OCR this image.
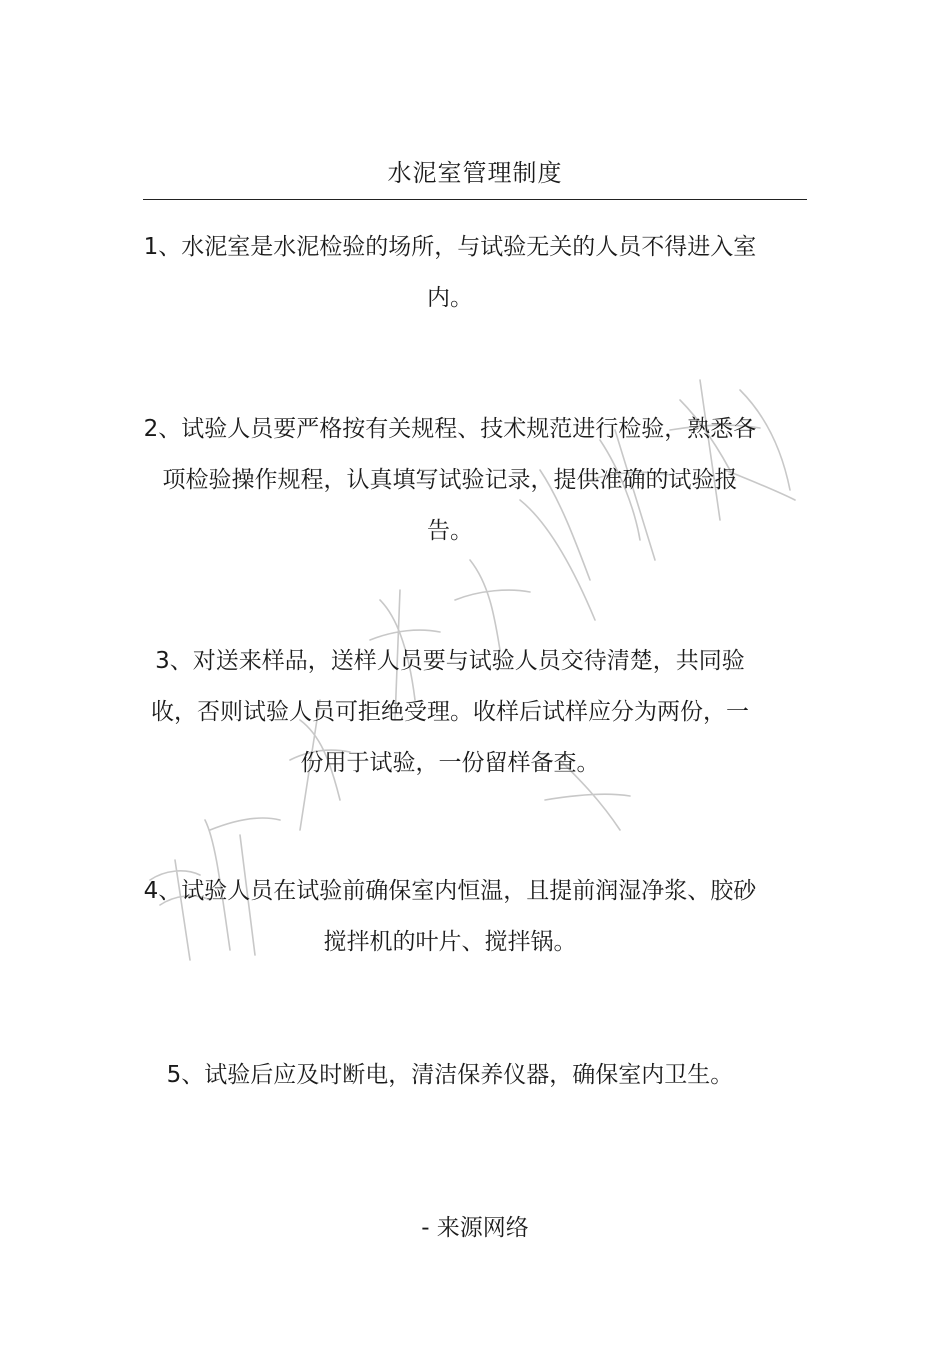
水泥室管理制度

1、水泥室是水泥检验的场所，与试验无关的人员不得进入室内。

2、试验人员要严格按有关规程、技术规范进行检验，熟悉各项检验操作规程，认真填写试验记录，提供准确的试验报告。

3、对送来样品，送样人员要与试验人员交待清楚，共同验收，否则试验人员可拒绝受理。收样后试样应分为两份，一份用于试验，一份留样备查。

4、试验人员在试验前确保室内恒温，且提前润湿净浆、胶砂搅拌机的叶片、搅拌锅。

5、试验后应及时断电，清洁保养仪器，确保室内卫生。

- 来源网络
